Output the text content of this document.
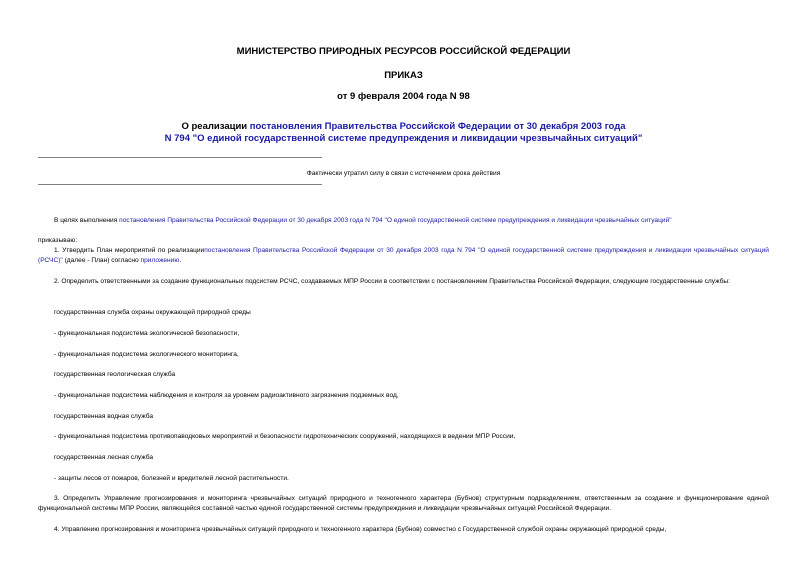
МИНИСТЕРСТВО ПРИРОДНЫХ РЕСУРСОВ РОССИЙСКОЙ ФЕДЕРАЦИИ

ПРИКАЗ

от 9 февраля 2004 года N 98

О реализации постановления Правительства Российской Федерации от 30 декабря 2003 года
N 794 "О единой государственной системе предупреждения и ликвидации чрезвычайных ситуаций"

Фактически утратил силу в связи с истечением срока действия

В целях выполнения постановления Правительства Российской Федерации от 30 декабря 2003 года N 794 "О единой государственной системе предупреждения и ликвидации чрезвычайных ситуаций"

приказываю:

1. Утвердить План мероприятий по реализациипостановления Правительства Российской Федерации от 30 декабря 2003 года N 794 "О единой государственной системе предупреждения и ликвидации чрезвычайных ситуаций (РСЧС)" (далее - План) согласно приложению.

2. Определить ответственными за создание функциональных подсистем РСЧС, создаваемых МПР России в соответствии с постановлением Правительства Российской Федерации, следующие государственные службы:

государственная служба охраны окружающей природной среды

- функциональная подсистема экологической безопасности,

- функциональная подсистема экологического мониторинга,

государственная геологическая служба

- функциональная подсистема наблюдения и контроля за уровнем радиоактивного загрязнения подземных вод,

государственная водная служба

- функциональная подсистема противопаводковых мероприятий и безопасности гидротехнических сооружений, находящихся в ведении МПР России,

государственная лесная служба

- защиты лесов от пожаров, болезней и вредителей лесной растительности.

3. Определить Управление прогнозирования и мониторинга чрезвычайных ситуаций природного и техногенного характера (Бубнов) структурным подразделением, ответственным за создание и функционирование единой функциональной системы МПР России, являющейся составной частью единой государственной системы предупреждения и ликвидации чрезвычайных ситуаций Российской Федерации.

4. Управлению прогнозирования и мониторинга чрезвычайных ситуаций природного и техногенного характера (Бубнов) совместно с Государственной службой охраны окружающей природной среды,
